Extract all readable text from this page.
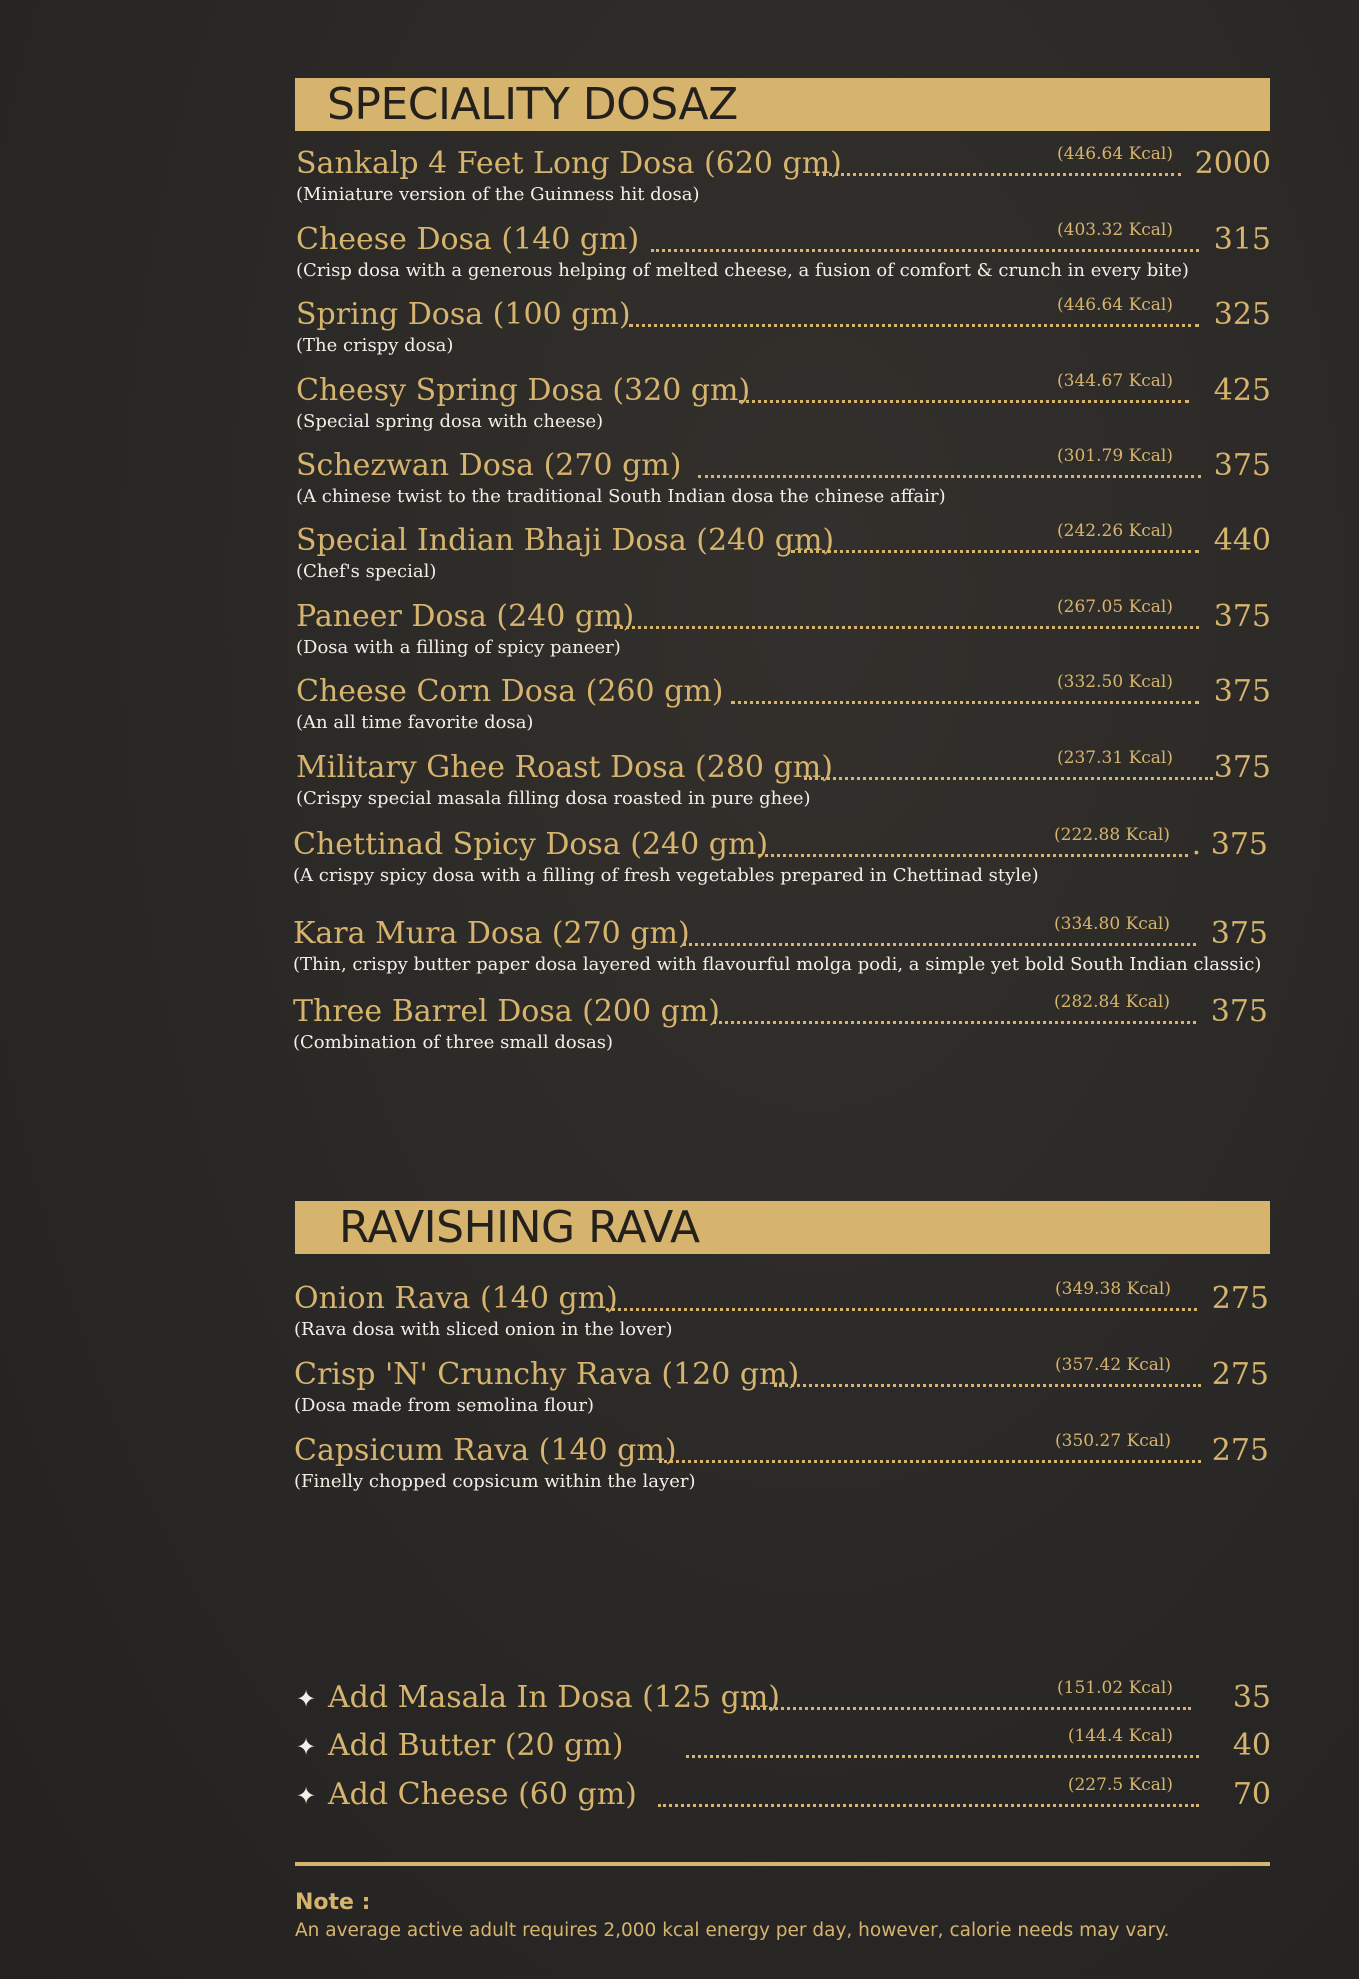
SPECIALITY DOSAZ
Sankalp 4 Feet Long Dosa (620 gm)	(446.64 Kcal) 2000
(Miniature version of the Guinness hit dosa)
Cheese Dosa (140 gm)	(403.32 Kcal) 315
(Crisp dosa with a generous helping of melted cheese, a fusion of comfort & crunch in every bite)
Spring Dosa (100 gm)	(446.64 Kcal) 325
(The crispy dosa)
Cheesy Spring Dosa (320 gm)	(344.67 Kcal) 425
(Special spring dosa with cheese)
Schezwan Dosa (270 gm)	(301.79 Kcal) 375
(A chinese twist to the traditional South Indian dosa the chinese affair)
Special Indian Bhaji Dosa (240 gm)	(242.26 Kcal) 440
(Chef's special)
Paneer Dosa (240 gm)	(267.05 Kcal) 375
(Dosa with a filling of spicy paneer)
Cheese Corn Dosa (260 gm)	(332.50 Kcal) 375
(An all time favorite dosa)
Military Ghee Roast Dosa (280 gm)	(237.31 Kcal) 375
(Crispy special masala filling dosa roasted in pure ghee)
Chettinad Spicy Dosa (240 gm)	(222.88 Kcal) . 375
(A crispy spicy dosa with a filling of fresh vegetables prepared in Chettinad style)
Kara Mura Dosa (270 gm)	(334.80 Kcal) 375
(Thin, crispy butter paper dosa layered with flavourful molga podi, a simple yet bold South Indian classic)
Three Barrel Dosa (200 gm)	(282.84 Kcal) 375
(Combination of three small dosas)
RAVISHING RAVA
Onion Rava (140 gm)	(349.38 Kcal) 275
(Rava dosa with sliced onion in the lover)
Crisp 'N' Crunchy Rava (120 gm)	(357.42 Kcal) 275
(Dosa made from semolina flour)
Capsicum Rava (140 gm)	(350.27 Kcal) 275
(Finelly chopped copsicum within the layer)
✦ Add Masala In Dosa (125 gm)	(151.02 Kcal) 35
✦ Add Butter (20 gm)	(144.4 Kcal) 40
✦ Add Cheese (60 gm)	(227.5 Kcal) 70
Note :
An average active adult requires 2,000 kcal energy per day, however, calorie needs may vary.
